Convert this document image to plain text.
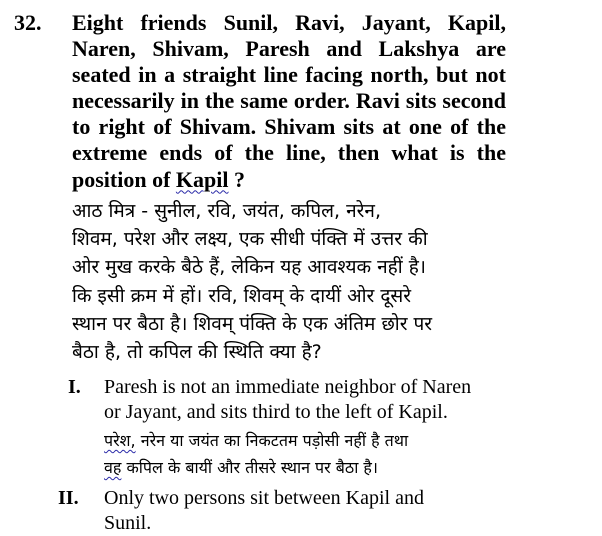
32. Eight friends Sunil, Ravi, Jayant, Kapil,
Naren, Shivam, Paresh and Lakshya are
seated in a straight line facing north, but not
necessarily in the same order. Ravi sits second
to right of Shivam. Shivam sits at one of the
extreme ends of the line, then what is the
position of Kapil ?
आठ मित्र - सुनील, रवि, जयंत, कपिल, नरेन,
शिवम, परेश और लक्ष्य, एक सीधी पंक्ति में उत्तर की
ओर मुख करके बैठे हैं, लेकिन यह आवश्यक नहीं है।
कि इसी क्रम में हों। रवि, शिवम् के दायीं ओर दूसरे
स्थान पर बैठा है। शिवम् पंक्ति के एक अंतिम छोर पर
बैठा है, तो कपिल की स्थिति क्या है?
I. Paresh is not an immediate neighbor of Naren
or Jayant, and sits third to the left of Kapil.
परेश, नरेन या जयंत का निकटतम पड़ोसी नहीं है तथा
वह कपिल के बायीं और तीसरे स्थान पर बैठा है।
II. Only two persons sit between Kapil and
Sunil.
